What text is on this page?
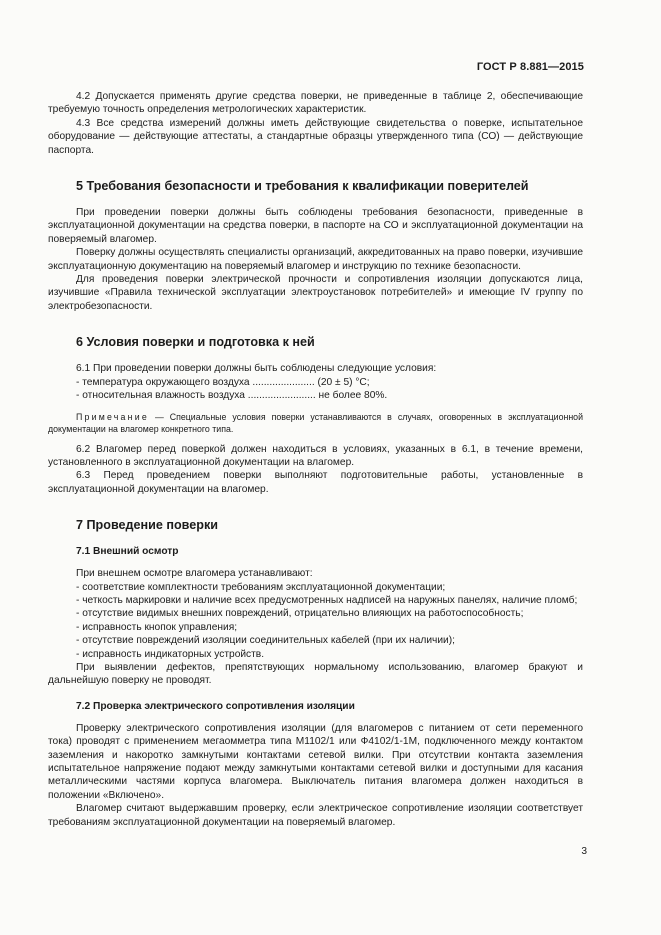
ГОСТ Р 8.881—2015

4.2 Допускается применять другие средства поверки, не приведенные в таблице 2, обеспечивающие требуемую точность определения метрологических характеристик.

4.3 Все средства измерений должны иметь действующие свидетельства о поверке, испытательное оборудование — действующие аттестаты, а стандартные образцы утвержденного типа (СО) — действующие паспорта.

5 Требования безопасности и требования к квалификации поверителей

При проведении поверки должны быть соблюдены требования безопасности, приведенные в эксплуатационной документации на средства поверки, в паспорте на СО и эксплуатационной документации на поверяемый влагомер.

Поверку должны осуществлять специалисты организаций, аккредитованных на право поверки, изучившие эксплуатационную документацию на поверяемый влагомер и инструкцию по технике безопасности.

Для проведения поверки электрической прочности и сопротивления изоляции допускаются лица, изучившие «Правила технической эксплуатации электроустановок потребителей» и имеющие IV группу по электробезопасности.

6 Условия поверки и подготовка к ней

6.1 При проведении поверки должны быть соблюдены следующие условия:

- температура окружающего воздуха ...................... (20 ± 5) °С;

- относительная влажность воздуха ........................ не более 80%.

Примечание — Специальные условия поверки устанавливаются в случаях, оговоренных в эксплуатационной документации на влагомер конкретного типа.

6.2 Влагомер перед поверкой должен находиться в условиях, указанных в 6.1, в течение времени, установленного в эксплуатационной документации на влагомер.

6.3 Перед проведением поверки выполняют подготовительные работы, установленные в эксплуатационной документации на влагомер.

7 Проведение поверки
7.1 Внешний осмотр

При внешнем осмотре влагомера устанавливают:

- соответствие комплектности требованиям эксплуатационной документации;

- четкость маркировки и наличие всех предусмотренных надписей на наружных панелях, наличие пломб;

- отсутствие видимых внешних повреждений, отрицательно влияющих на работоспособность;

- исправность кнопок управления;

- отсутствие повреждений изоляции соединительных кабелей (при их наличии);

- исправность индикаторных устройств.

При выявлении дефектов, препятствующих нормальному использованию, влагомер бракуют и дальнейшую поверку не проводят.

7.2 Проверка электрического сопротивления изоляции

Проверку электрического сопротивления изоляции (для влагомеров с питанием от сети переменного тока) проводят с применением мегаомметра типа М1102/1 или Ф4102/1-1М, подключенного между контактом заземления и накоротко замкнутыми контактами сетевой вилки. При отсутствии контакта заземления испытательное напряжение подают между замкнутыми контактами сетевой вилки и доступными для касания металлическими частями корпуса влагомера. Выключатель питания влагомера должен находиться в положении «Включено».

Влагомер считают выдержавшим проверку, если электрическое сопротивление изоляции соответствует требованиям эксплуатационной документации на поверяемый влагомер.

3
